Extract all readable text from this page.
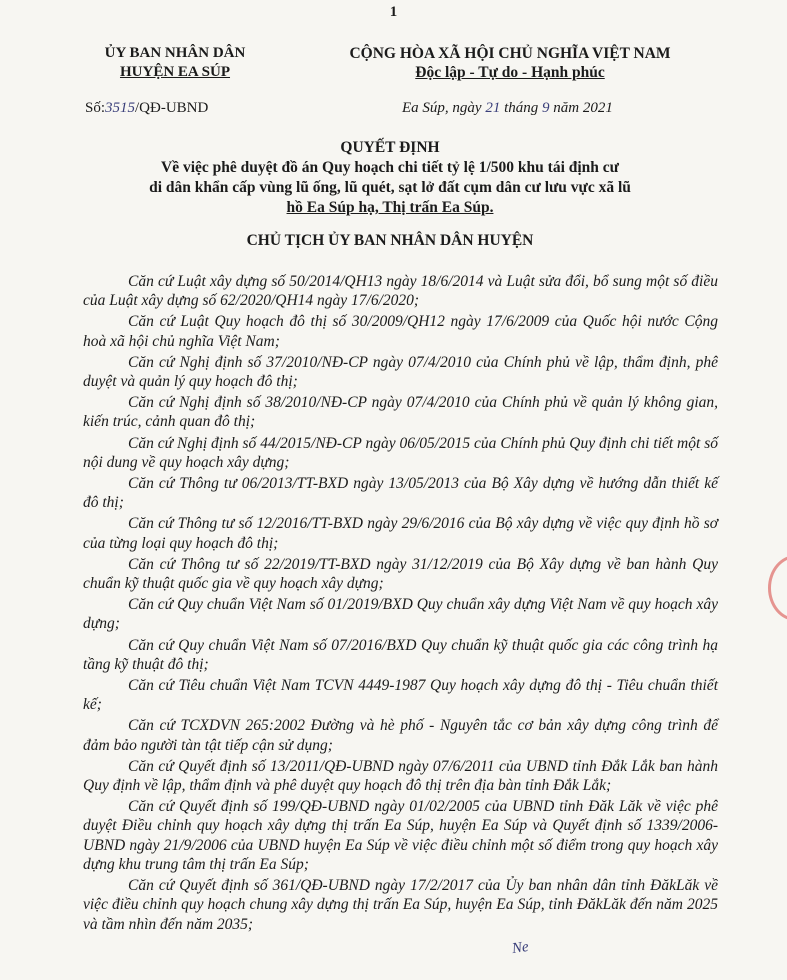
1
ỦY BAN NHÂN DÂN
HUYỆN EA SÚP
CỘNG HÒA XÃ HỘI CHỦ NGHĨA VIỆT NAM
Độc lập - Tự do - Hạnh phúc
Số:3515/QĐ-UBND	Ea Súp, ngày 21 tháng 9 năm 2021
QUYẾT ĐỊNH
Về việc phê duyệt đồ án Quy hoạch chi tiết tỷ lệ 1/500 khu tái định cư
di dân khẩn cấp vùng lũ ống, lũ quét, sạt lở đất cụm dân cư lưu vực xã lũ
hồ Ea Súp hạ, Thị trấn Ea Súp.
CHỦ TỊCH ỦY BAN NHÂN DÂN HUYỆN

Căn cứ Luật xây dựng số 50/2014/QH13 ngày 18/6/2014 và Luật sửa đổi, bổ sung một số điều của Luật xây dựng số 62/2020/QH14 ngày 17/6/2020;

Căn cứ Luật Quy hoạch đô thị số 30/2009/QH12 ngày 17/6/2009 của Quốc hội nước Cộng hoà xã hội chủ nghĩa Việt Nam;

Căn cứ Nghị định số 37/2010/NĐ-CP ngày 07/4/2010 của Chính phủ về lập, thẩm định, phê duyệt và quản lý quy hoạch đô thị;

Căn cứ Nghị định số 38/2010/NĐ-CP ngày 07/4/2010 của Chính phủ về quản lý không gian, kiến trúc, cảnh quan đô thị;

Căn cứ Nghị định số 44/2015/NĐ-CP ngày 06/05/2015 của Chính phủ Quy định chi tiết một số nội dung về quy hoạch xây dựng;

Căn cứ Thông tư 06/2013/TT-BXD ngày 13/05/2013 của Bộ Xây dựng về hướng dẫn thiết kế đô thị;

Căn cứ Thông tư số 12/2016/TT-BXD ngày 29/6/2016 của Bộ xây dựng về việc quy định hồ sơ của từng loại quy hoạch đô thị;

Căn cứ Thông tư số 22/2019/TT-BXD ngày 31/12/2019 của Bộ Xây dựng về ban hành Quy chuẩn kỹ thuật quốc gia về quy hoạch xây dựng;

Căn cứ Quy chuẩn Việt Nam số 01/2019/BXD Quy chuẩn xây dựng Việt Nam về quy hoạch xây dựng;

Căn cứ Quy chuẩn Việt Nam số 07/2016/BXD Quy chuẩn kỹ thuật quốc gia các công trình hạ tầng kỹ thuật đô thị;

Căn cứ Tiêu chuẩn Việt Nam TCVN 4449-1987 Quy hoạch xây dựng đô thị - Tiêu chuẩn thiết kế;

Căn cứ TCXDVN 265:2002 Đường và hè phố - Nguyên tắc cơ bản xây dựng công trình để đảm bảo người tàn tật tiếp cận sử dụng;

Căn cứ Quyết định số 13/2011/QĐ-UBND ngày 07/6/2011 của UBND tỉnh Đắk Lắk ban hành Quy định về lập, thẩm định và phê duyệt quy hoạch đô thị trên địa bàn tỉnh Đắk Lắk;

Căn cứ Quyết định số 199/QĐ-UBND ngày 01/02/2005 của UBND tỉnh Đăk Lăk về việc phê duyệt Điều chỉnh quy hoạch xây dựng thị trấn Ea Súp, huyện Ea Súp và Quyết định số 1339/2006-UBND ngày 21/9/2006 của UBND huyện Ea Súp về việc điều chỉnh một số điểm trong quy hoạch xây dựng khu trung tâm thị trấn Ea Súp;

Căn cứ Quyết định số 361/QĐ-UBND ngày 17/2/2017 của Ủy ban nhân dân tỉnh ĐăkLăk về việc điều chỉnh quy hoạch chung xây dựng thị trấn Ea Súp, huyện Ea Súp, tỉnh ĐăkLăk đến năm 2025 và tầm nhìn đến năm 2035;

Ne
